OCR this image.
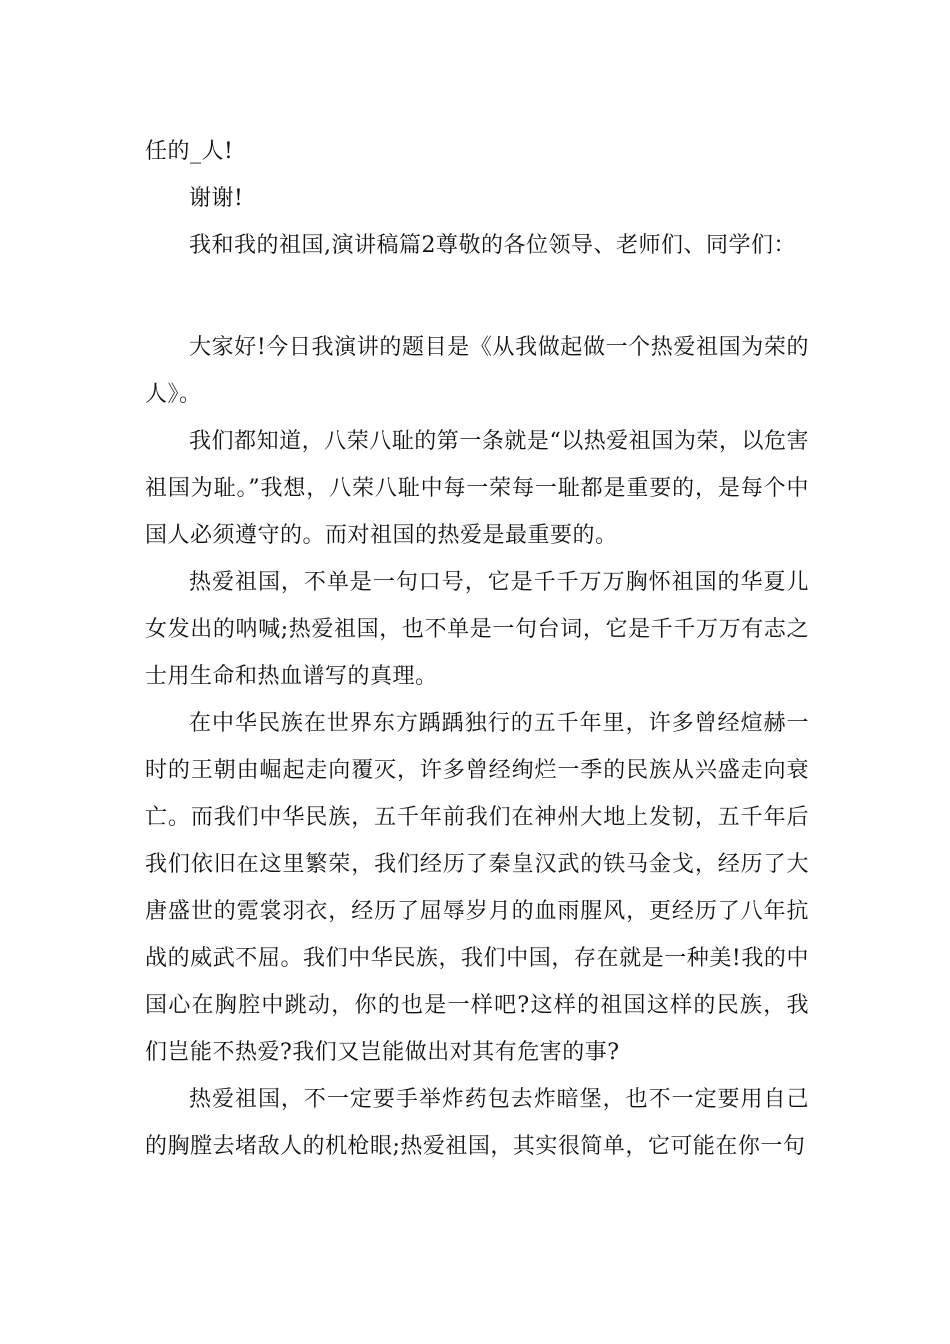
任的_人!

谢谢!

我和我的祖国,演讲稿篇2尊敬的各位领导、老师们、同学们：

大家好!今日我演讲的题目是《从我做起做一个热爱祖国为荣的人》。

我们都知道，八荣八耻的第一条就是“以热爱祖国为荣，以危害祖国为耻。”我想，八荣八耻中每一荣每一耻都是重要的，是每个中国人必须遵守的。而对祖国的热爱是最重要的。

热爱祖国，不单是一句口号，它是千千万万胸怀祖国的华夏儿女发出的呐喊;热爱祖国，也不单是一句台词，它是千千万万有志之士用生命和热血谱写的真理。

在中华民族在世界东方踽踽独行的五千年里，许多曾经煊赫一时的王朝由崛起走向覆灭，许多曾经绚烂一季的民族从兴盛走向衰亡。而我们中华民族，五千年前我们在神州大地上发韧，五千年后我们依旧在这里繁荣，我们经历了秦皇汉武的铁马金戈，经历了大唐盛世的霓裳羽衣，经历了屈辱岁月的血雨腥风，更经历了八年抗战的威武不屈。我们中华民族，我们中国，存在就是一种美!我的中国心在胸腔中跳动，你的也是一样吧?这样的祖国这样的民族，我们岂能不热爱?我们又岂能做出对其有危害的事?

热爱祖国，不一定要手举炸药包去炸暗堡，也不一定要用自己的胸膛去堵敌人的机枪眼;热爱祖国，其实很简单，它可能在你一句
